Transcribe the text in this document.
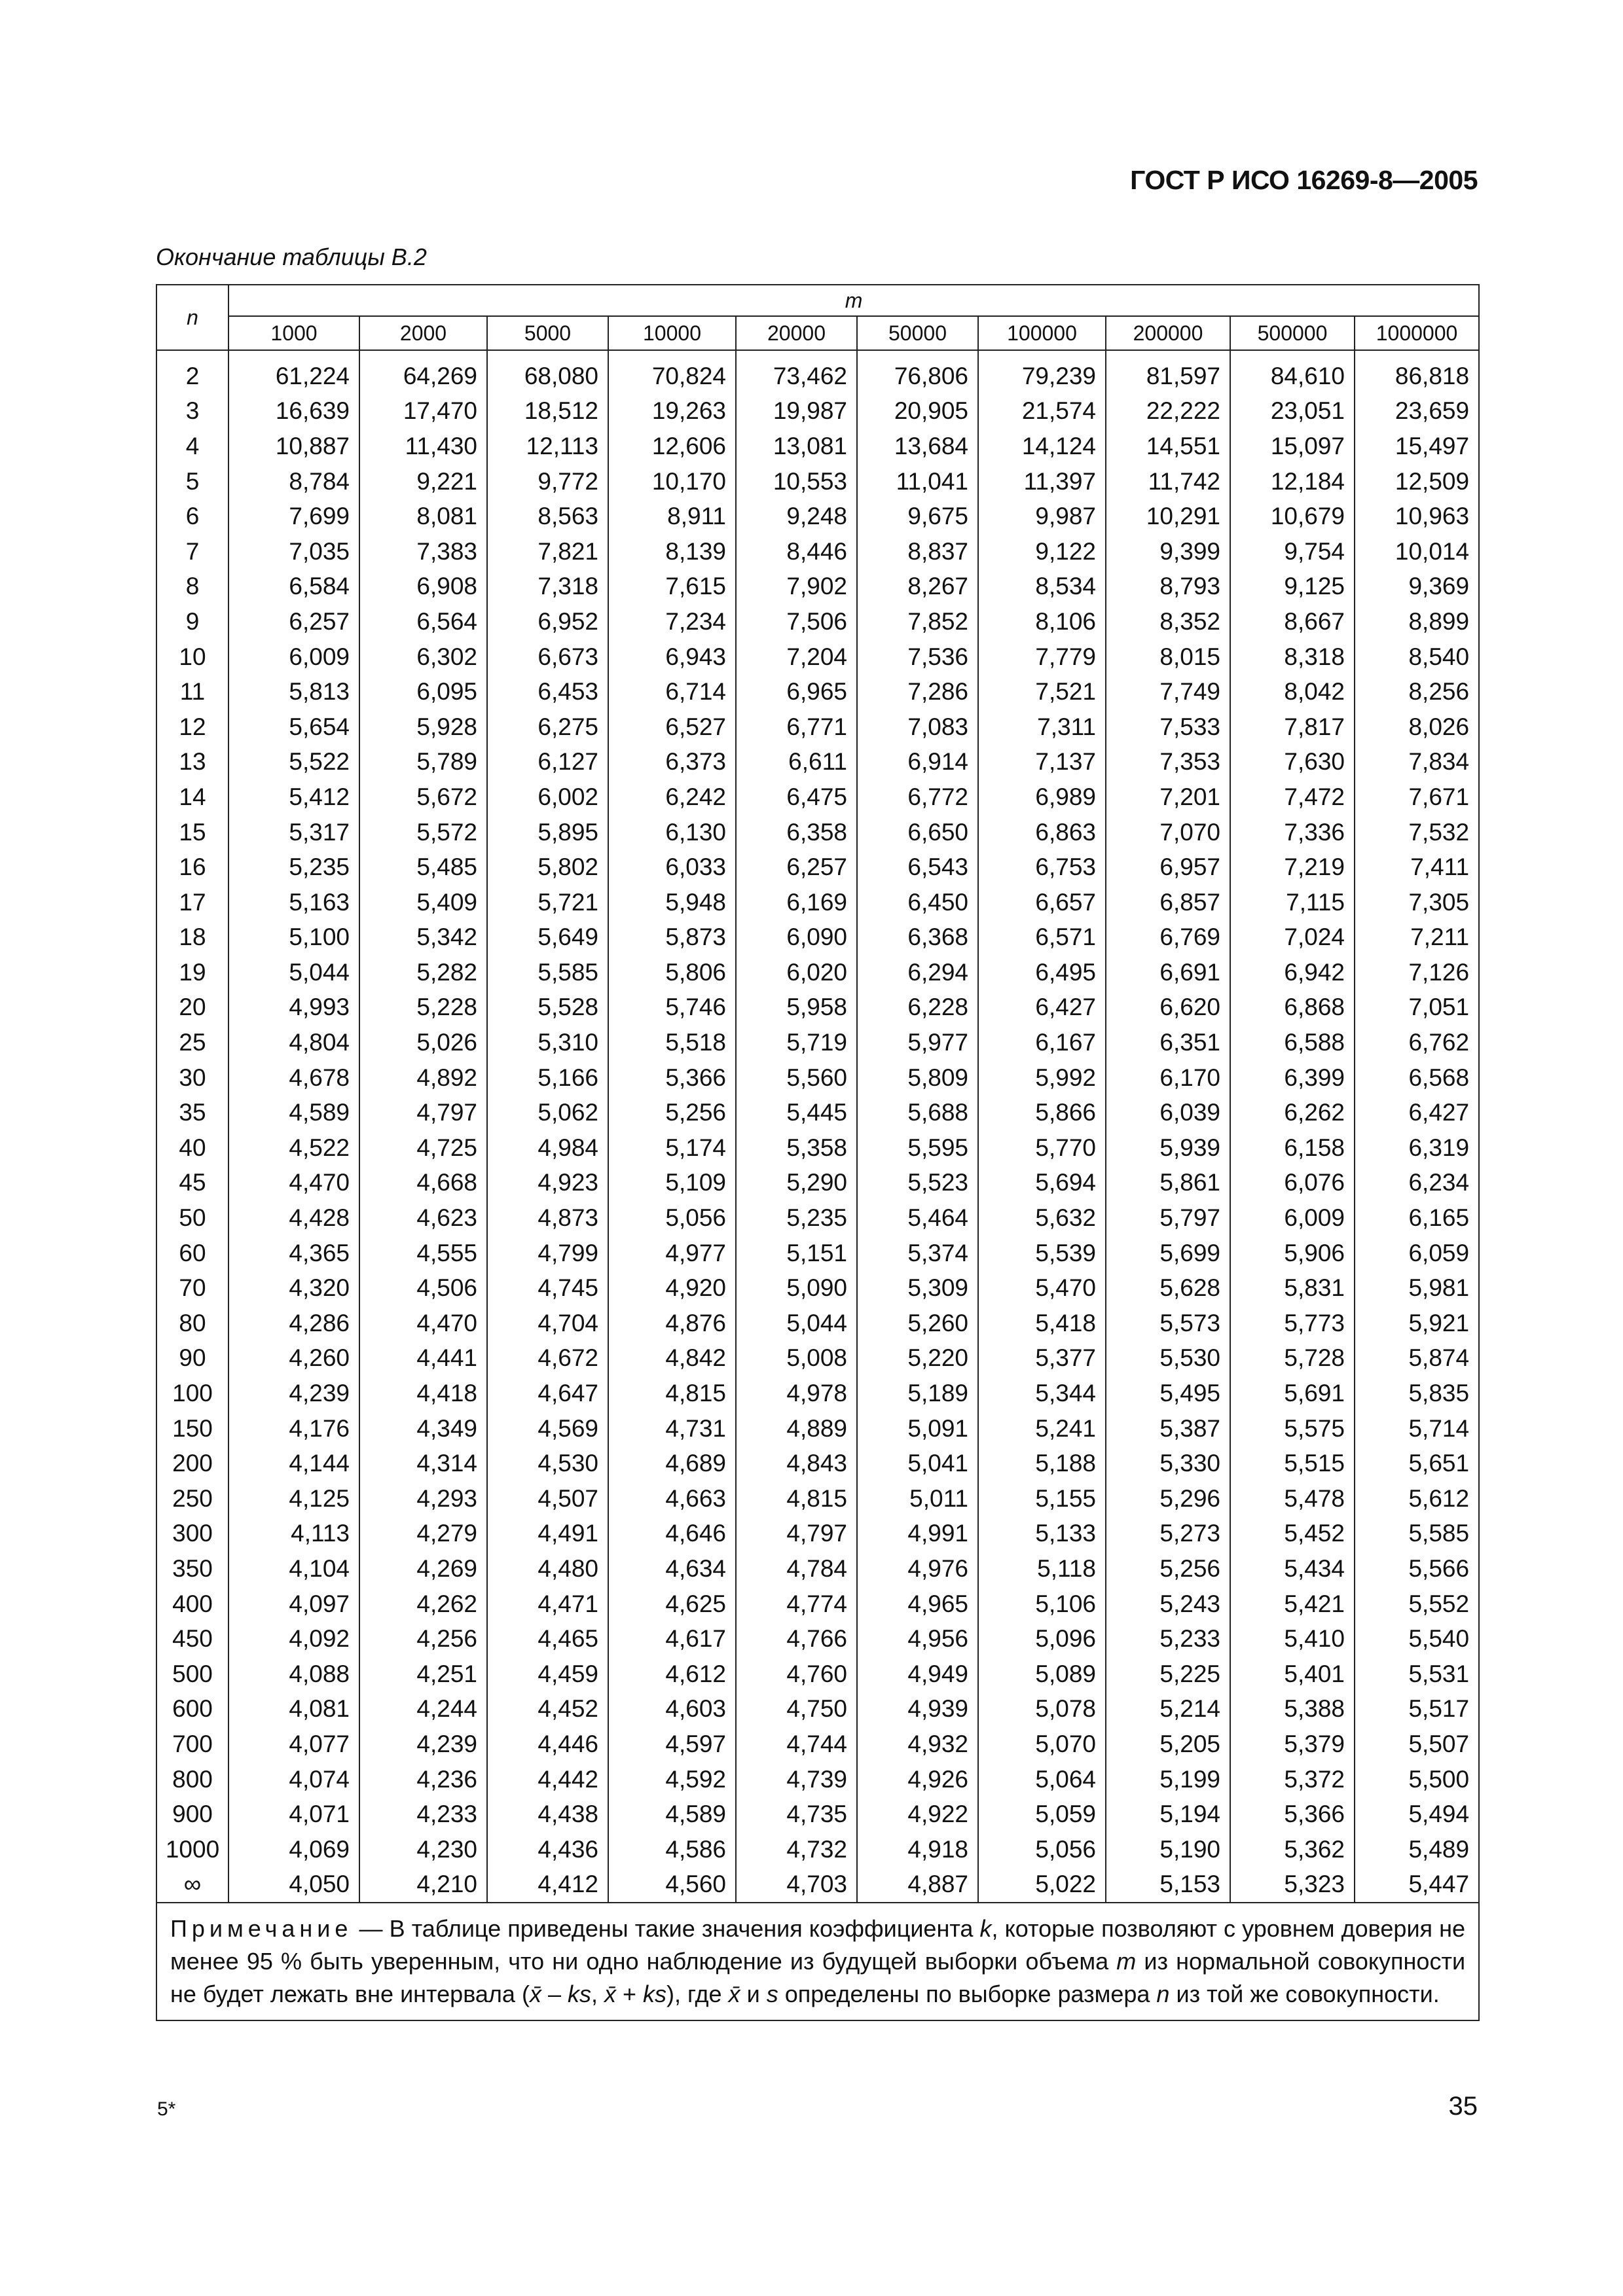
ГОСТ Р ИСО 16269-8—2005
Окончание таблицы В.2
n	m									
	1000	2000	5000	10000	20000	50000	100000	200000	500000	1000000
2	61,224	64,269	68,080	70,824	73,462	76,806	79,239	81,597	84,610	86,818
3	16,639	17,470	18,512	19,263	19,987	20,905	21,574	22,222	23,051	23,659
4	10,887	11,430	12,113	12,606	13,081	13,684	14,124	14,551	15,097	15,497
5	8,784	9,221	9,772	10,170	10,553	11,041	11,397	11,742	12,184	12,509
6	7,699	8,081	8,563	8,911	9,248	9,675	9,987	10,291	10,679	10,963
7	7,035	7,383	7,821	8,139	8,446	8,837	9,122	9,399	9,754	10,014
8	6,584	6,908	7,318	7,615	7,902	8,267	8,534	8,793	9,125	9,369
9	6,257	6,564	6,952	7,234	7,506	7,852	8,106	8,352	8,667	8,899
10	6,009	6,302	6,673	6,943	7,204	7,536	7,779	8,015	8,318	8,540
11	5,813	6,095	6,453	6,714	6,965	7,286	7,521	7,749	8,042	8,256
12	5,654	5,928	6,275	6,527	6,771	7,083	7,311	7,533	7,817	8,026
13	5,522	5,789	6,127	6,373	6,611	6,914	7,137	7,353	7,630	7,834
14	5,412	5,672	6,002	6,242	6,475	6,772	6,989	7,201	7,472	7,671
15	5,317	5,572	5,895	6,130	6,358	6,650	6,863	7,070	7,336	7,532
16	5,235	5,485	5,802	6,033	6,257	6,543	6,753	6,957	7,219	7,411
17	5,163	5,409	5,721	5,948	6,169	6,450	6,657	6,857	7,115	7,305
18	5,100	5,342	5,649	5,873	6,090	6,368	6,571	6,769	7,024	7,211
19	5,044	5,282	5,585	5,806	6,020	6,294	6,495	6,691	6,942	7,126
20	4,993	5,228	5,528	5,746	5,958	6,228	6,427	6,620	6,868	7,051
25	4,804	5,026	5,310	5,518	5,719	5,977	6,167	6,351	6,588	6,762
30	4,678	4,892	5,166	5,366	5,560	5,809	5,992	6,170	6,399	6,568
35	4,589	4,797	5,062	5,256	5,445	5,688	5,866	6,039	6,262	6,427
40	4,522	4,725	4,984	5,174	5,358	5,595	5,770	5,939	6,158	6,319
45	4,470	4,668	4,923	5,109	5,290	5,523	5,694	5,861	6,076	6,234
50	4,428	4,623	4,873	5,056	5,235	5,464	5,632	5,797	6,009	6,165
60	4,365	4,555	4,799	4,977	5,151	5,374	5,539	5,699	5,906	6,059
70	4,320	4,506	4,745	4,920	5,090	5,309	5,470	5,628	5,831	5,981
80	4,286	4,470	4,704	4,876	5,044	5,260	5,418	5,573	5,773	5,921
90	4,260	4,441	4,672	4,842	5,008	5,220	5,377	5,530	5,728	5,874
100	4,239	4,418	4,647	4,815	4,978	5,189	5,344	5,495	5,691	5,835
150	4,176	4,349	4,569	4,731	4,889	5,091	5,241	5,387	5,575	5,714
200	4,144	4,314	4,530	4,689	4,843	5,041	5,188	5,330	5,515	5,651
250	4,125	4,293	4,507	4,663	4,815	5,011	5,155	5,296	5,478	5,612
300	4,113	4,279	4,491	4,646	4,797	4,991	5,133	5,273	5,452	5,585
350	4,104	4,269	4,480	4,634	4,784	4,976	5,118	5,256	5,434	5,566
400	4,097	4,262	4,471	4,625	4,774	4,965	5,106	5,243	5,421	5,552
450	4,092	4,256	4,465	4,617	4,766	4,956	5,096	5,233	5,410	5,540
500	4,088	4,251	4,459	4,612	4,760	4,949	5,089	5,225	5,401	5,531
600	4,081	4,244	4,452	4,603	4,750	4,939	5,078	5,214	5,388	5,517
700	4,077	4,239	4,446	4,597	4,744	4,932	5,070	5,205	5,379	5,507
800	4,074	4,236	4,442	4,592	4,739	4,926	5,064	5,199	5,372	5,500
900	4,071	4,233	4,438	4,589	4,735	4,922	5,059	5,194	5,366	5,494
1000	4,069	4,230	4,436	4,586	4,732	4,918	5,056	5,190	5,362	5,489
∞	4,050	4,210	4,412	4,560	4,703	4,887	5,022	5,153	5,323	5,447
Примечание — В таблице приведены такие значения коэффициента k, которые позволяют с уровнем доверия не менее 95 % быть уверенным, что ни одно наблюдение из будущей выборки объема m из нормальной совокупности не будет лежать вне интервала (x̄ – ks, x̄ + ks), где x̄ и s определены по выборке размера n из той же совокупности.										
5*	35
